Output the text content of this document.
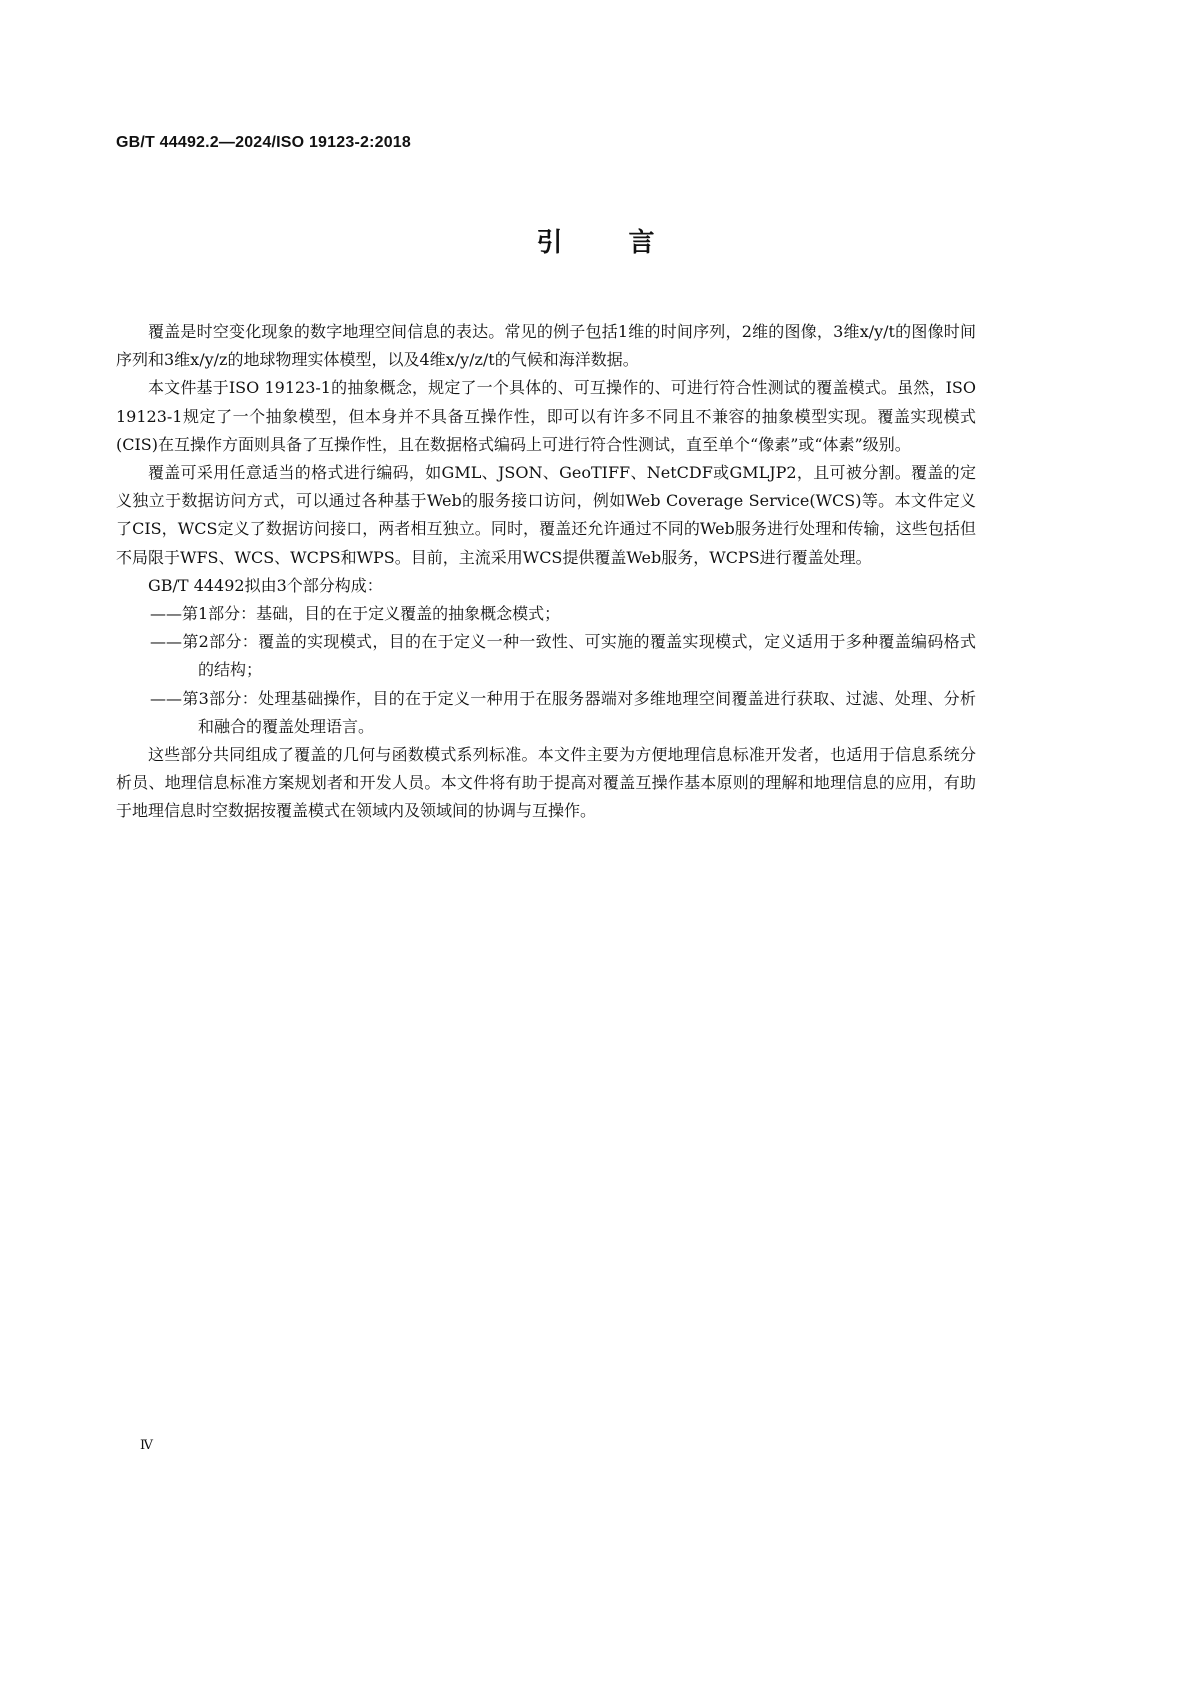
GB/T 44492.2—2024/ISO 19123-2:2018
引言

覆盖是时空变化现象的数字地理空间信息的表达。常见的例子包括1维的时间序列，2维的图像，3维x/y/t的图像时间序列和3维x/y/z的地球物理实体模型，以及4维x/y/z/t的气候和海洋数据。

本文件基于ISO 19123-1的抽象概念，规定了一个具体的、可互操作的、可进行符合性测试的覆盖模式。虽然，ISO 19123-1规定了一个抽象模型，但本身并不具备互操作性，即可以有许多不同且不兼容的抽象模型实现。覆盖实现模式(CIS)在互操作方面则具备了互操作性，且在数据格式编码上可进行符合性测试，直至单个“像素”或“体素”级别。

覆盖可采用任意适当的格式进行编码，如GML、JSON、GeoTIFF、NetCDF或GMLJP2，且可被分割。覆盖的定义独立于数据访问方式，可以通过各种基于Web的服务接口访问，例如Web Coverage Service(WCS)等。本文件定义了CIS，WCS定义了数据访问接口，两者相互独立。同时，覆盖还允许通过不同的Web服务进行处理和传输，这些包括但不局限于WFS、WCS、WCPS和WPS。目前，主流采用WCS提供覆盖Web服务，WCPS进行覆盖处理。

GB/T 44492拟由3个部分构成：

——第1部分：基础，目的在于定义覆盖的抽象概念模式；
——第2部分：覆盖的实现模式，目的在于定义一种一致性、可实施的覆盖实现模式，定义适用于多种覆盖编码格式的结构；
——第3部分：处理基础操作，目的在于定义一种用于在服务器端对多维地理空间覆盖进行获取、过滤、处理、分析和融合的覆盖处理语言。

这些部分共同组成了覆盖的几何与函数模式系列标准。本文件主要为方便地理信息标准开发者，也适用于信息系统分析员、地理信息标准方案规划者和开发人员。本文件将有助于提高对覆盖互操作基本原则的理解和地理信息的应用，有助于地理信息时空数据按覆盖模式在领域内及领域间的协调与互操作。

Ⅳ
